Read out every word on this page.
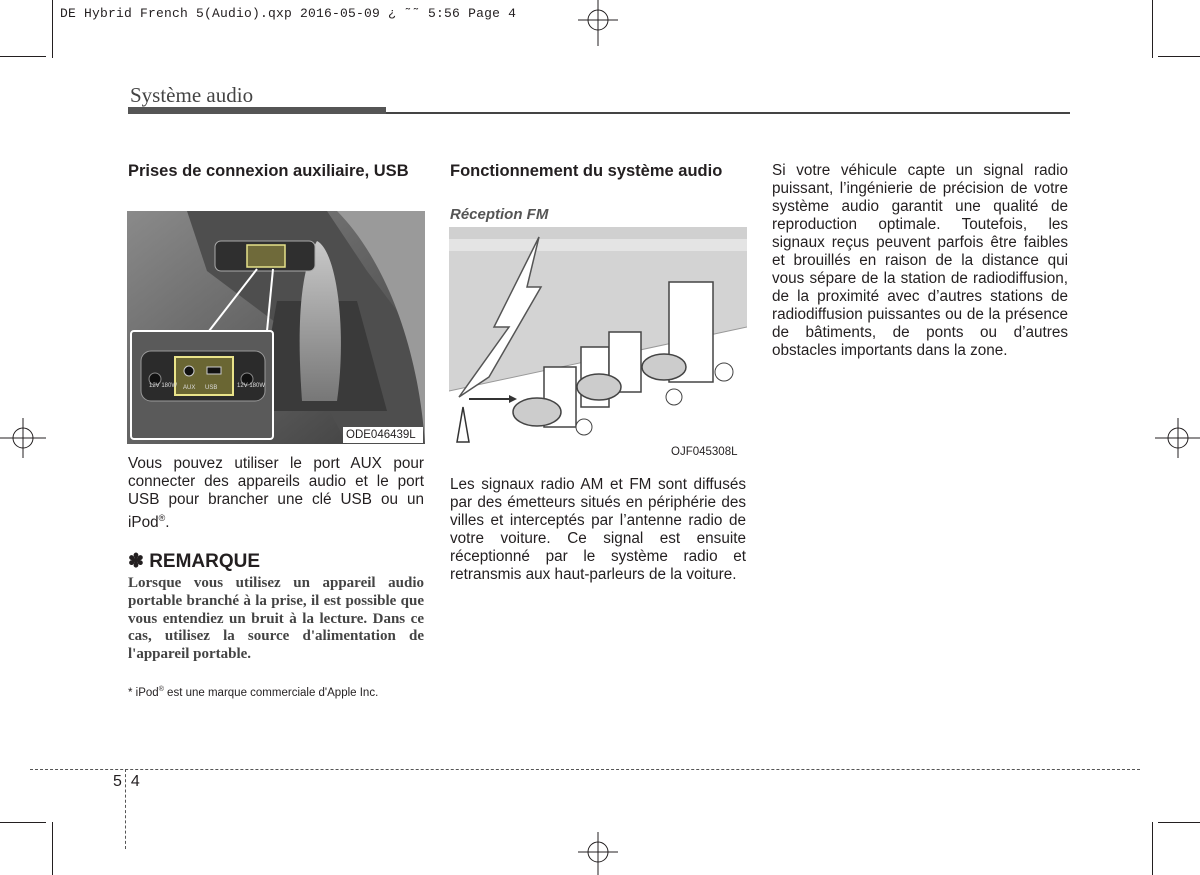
DE Hybrid French 5(Audio).qxp 2016-05-09 ¿ ˜˜ 5:56 Page 4
Système audio
Prises de connexion auxiliaire, USB
12V 180W AUX USB	12V 180W
ODE046439L
Vous pouvez utiliser le port AUX pour connecter des appareils audio et le port USB pour brancher une clé USB ou un iPod®.
✽ REMARQUE
Lorsque vous utilisez un appareil audio portable branché à la prise, il est possible que vous entendiez un bruit à la lecture. Dans ce cas, utilisez la source d'alimentation de l'appareil portable.
* iPod® est une marque commerciale d'Apple Inc.
Fonctionnement du système audio
Réception FM
OJF045308L
Les signaux radio AM et FM sont diffusés par des émetteurs situés en périphérie des villes et interceptés par l’antenne radio de votre voiture. Ce signal est ensuite réceptionné par le système radio et retransmis aux haut-parleurs de la voiture.
Si votre véhicule capte un signal radio puissant, l’ingénierie de précision de votre système audio garantit une qualité de reproduction optimale. Toutefois, les signaux reçus peuvent parfois être faibles et brouillés en raison de la distance qui vous sépare de la station de radiodiffusion, de la proximité avec d’autres stations de radiodiffusion puissantes ou de la présence de bâtiments, de ponts ou d’autres obstacles importants dans la zone.
54
